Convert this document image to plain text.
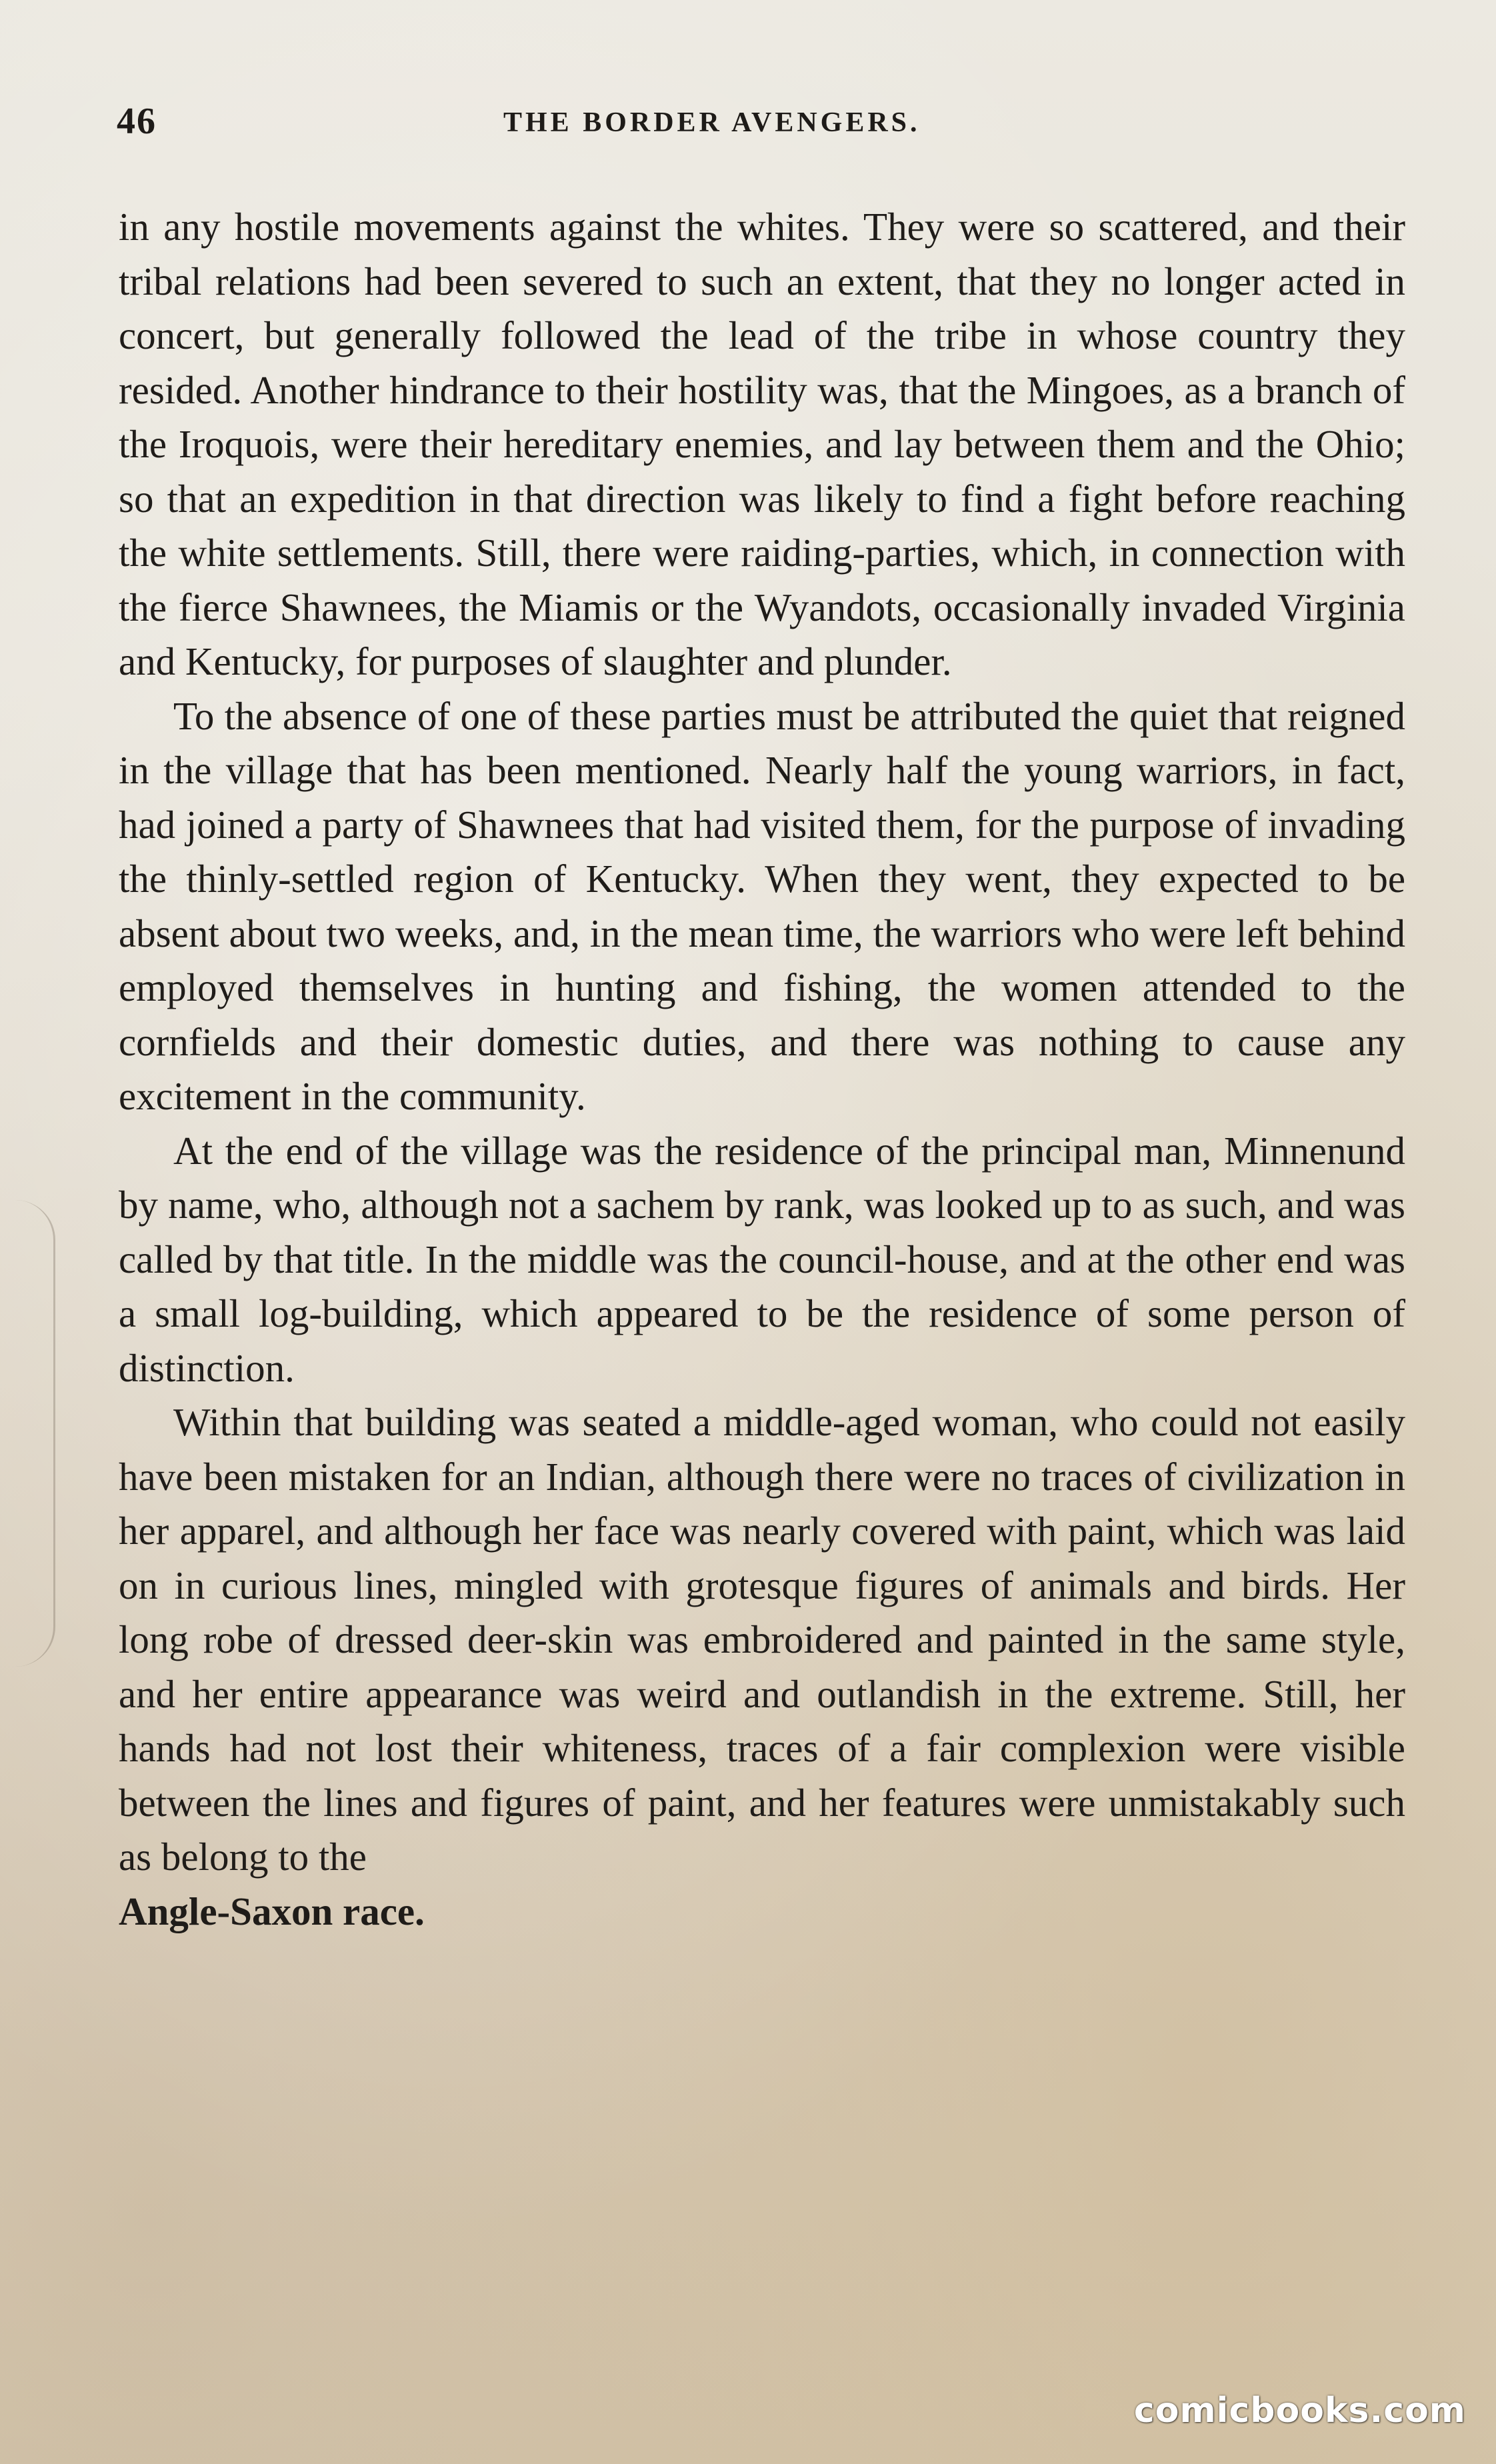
46	THE BORDER AVENGERS.

in any hostile movements against the whites. They were so scattered, and their tribal relations had been severed to such an extent, that they no longer acted in concert, but generally followed the lead of the tribe in whose country they resided. Another hindrance to their hostility was, that the Mingoes, as a branch of the Iroquois, were their hereditary enemies, and lay between them and the Ohio; so that an expedition in that direction was likely to find a fight before reaching the white settlements. Still, there were raiding-parties, which, in connection with the fierce Shawnees, the Miamis or the Wyandots, occasionally invaded Virginia and Kentucky, for purposes of slaughter and plunder.

To the absence of one of these parties must be attributed the quiet that reigned in the village that has been mentioned. Nearly half the young warriors, in fact, had joined a party of Shawnees that had visited them, for the purpose of invading the thinly-settled region of Kentucky. When they went, they expected to be absent about two weeks, and, in the mean time, the warriors who were left behind employed themselves in hunting and fishing, the women attended to the cornfields and their domestic duties, and there was nothing to cause any excitement in the community.

At the end of the village was the residence of the principal man, Minnenund by name, who, although not a sachem by rank, was looked up to as such, and was called by that title. In the middle was the council-house, and at the other end was a small log-building, which appeared to be the residence of some person of distinction.

Within that building was seated a middle-aged woman, who could not easily have been mistaken for an Indian, although there were no traces of civilization in her apparel, and although her face was nearly covered with paint, which was laid on in curious lines, mingled with grotesque figures of animals and birds. Her long robe of dressed deer-skin was embroidered and painted in the same style, and her entire appearance was weird and outlandish in the extreme. Still, her hands had not lost their whiteness, traces of a fair complexion were visible between the lines and figures of paint, and her features were unmistakably such as belong to the

Angle-Saxon race.

comicbooks.com
